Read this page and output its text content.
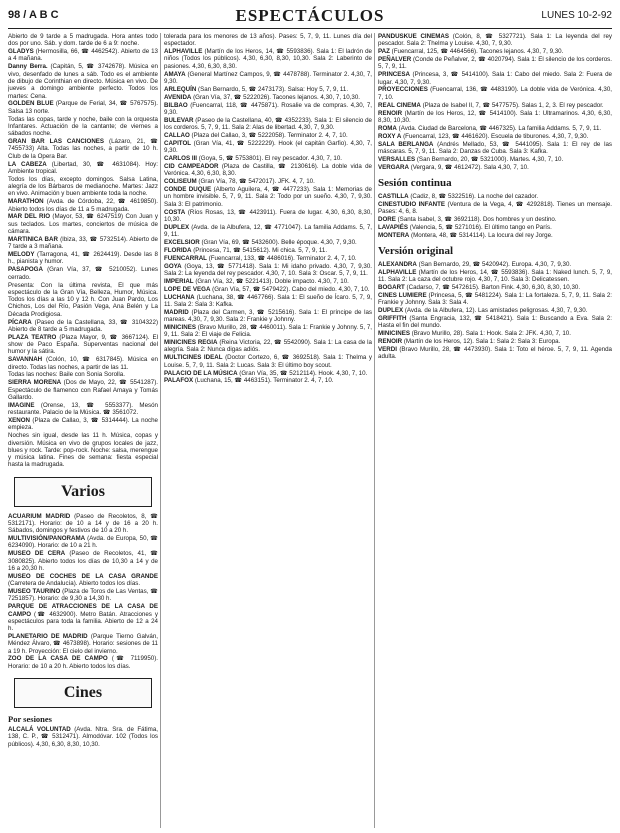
98 / A B C	ESPECTÁCULOS	LUNES 10-2-92
Abierto de 9 tarde a 5 madrugada. Hora antes todo dos por uno. Sáb. y dom. tarde de 6 a 9: noche.
GLADYS (Hermosilla, 66, ☎ 4462542). Abierto de 13 a 4 mañana.
Danny Berra. (Capitán, 5, ☎ 3742678). Música en vivo, desenfado de lunes a sáb. Todo es el ambiente de dibujo de Corinthian en directo. Música en vivo. De jueves a domingo ambiente perfecto. Todos los martes: Cena.
GOLDEN BLUE (Parque de Ferial, 34, ☎ 5767575). Salsa 13 norte.
Todas las copas, tarde y noche, baile con la orquesta Infantares. Actuación de la cantante; de viernes a sábados noche.
GRAN BAR LAS CANCIONES (Lázaro, 21, ☎ 7455733) Alta. Todas las noches, a partir de 10 h. Club de la Opera Bar.
LA CABEZA (Libertad, 30, ☎ 4631084). Hoy: Ambiente tropical.
Todos los días, excepto domingos. Salsa Latina, alegría de los Bárbaros de medianoche. Martes: Jazz en vivo. Animación y buen ambiente toda la noche.
MARATHON (Avda. de Córdoba, 22, ☎ 4619850). Abierto todos los días de 11 a 5 madrugada.
MAR DEL RIO (Mayor, 53, ☎ 6247519) Con Juan y sus teclados. Los martes, conciertos de música de cámara.
MARTINICA BAR (Ibiza, 33, ☎ 5732514). Abierto de 7 tarde a 3 mañana.
MELODY (Tarragona, 41, ☎ 2624419). Desde las 8 h., pianista y humor.
PASAPOGA (Gran Vía, 37, ☎ 5210052). Lunes cerrado.
Presenta: Con la última revista, El que más espectáculo de la Gran Vía, Belleza, Humor, Música. Todos los días a las 10 y 12 h. Con Juan Pardo, Los Chichos, Los del Río, Pasión Vega, Ana Belén y La Década Prodigiosa.
PÍCARA (Paseo de la Castellana, 33, ☎ 3104322) Abierto de 8 tarde a 5 madrugada.
PLAZA TEATRO (Plaza Mayor, 9, ☎ 3667124). El show de Paco España. Superventas nacional del humor y la sátira.
SAVANNAH (Colón, 10, ☎ 6317845). Música en directo. Todas las noches, a partir de las 11.
Todas las noches: Baile con Sonia Sorolla.
SIERRA MORENA (Dos de Mayo, 22, ☎ 5541287). Espectáculo de flamenco con Rafael Amaya y Tomás Gallardo.
IMAGINE (Orense, 13, ☎ 5553377). Mesón restaurante. Palacio de la Música. ☎ 3561072.
XENON (Plaza de Callao, 3, ☎ 5314444). La noche empieza.
Noches sin igual, desde las 11 h. Música, copas y diversión. Música en vivo de grupos locales de jazz, blues y rock. Tarde: pop-rock. Noche: salsa, merengue y música latina. Fines de semana: fiesta especial hasta la madrugada.
Varios
ACUARIUM MADRID (Paseo de Recoletos, 8, ☎ 5312171). Horario: de 10 a 14 y de 16 a 20 h. Sábados, domingos y festivos de 10 a 20 h.
MULTIVISIÓN/PANORAMA (Avda. de Europa, 50, ☎ 6234090). Horario: de 10 a 21 h.
MUSEO DE CERA (Paseo de Recoletos, 41, ☎ 3080825). Abierto todos los días de 10,30 a 14 y de 16 a 20,30 h.
MUSEO DE COCHES DE LA CASA GRANDE (Carretera de Andalucía). Abierto todos los días.
MUSEO TAURINO (Plaza de Toros de Las Ventas, ☎ 7251857). Horario: de 9,30 a 14,30 h.
PARQUE DE ATRACCIONES DE LA CASA DE CAMPO (☎ 4632900). Metro Batán. Atracciones y espectáculos para toda la familia. Abierto de 12 a 24 h.
PLANETARIO DE MADRID (Parque Tierno Galván, Méndez Álvaro, ☎ 4673898). Horario: sesiones de 11 a 19 h. Proyección: El cielo del invierno.
ZOO DE LA CASA DE CAMPO (☎ 7119950). Horario: de 10 a 20 h. Abierto todos los días.
Cines
Por sesiones
ALCALÁ VOLUNTAD (Avda. Ntra. Sra. de Fátima, 138, C. P., ☎ 5312471). Almodóvar. 102 (Todos los públicos). 4,30, 6,30, 8,30, 10,30.
tolerada para los menores de 13 años). Pases: 5, 7, 9, 11. Lunes día del espectador.
ALPHAVILLE (Martín de los Heros, 14, ☎ 5593836). Sala 1: El ladrón de niños (Todos los públicos). 4,30, 6,30, 8,30, 10,30. Sala 2: Laberinto de pasiones. 4,30, 6,30, 8,30.
AMAYA (General Martínez Campos, 9, ☎ 4478788). Terminator 2. 4,30, 7, 9,30.
ARLEQUÍN (San Bernardo, 5, ☎ 2473173). Salsa: Hoy 5, 7, 9, 11.
AVENIDA (Gran Vía, 37, ☎ 5222026). Tacones lejanos. 4,30, 7, 10,30.
BILBAO (Fuencarral, 118, ☎ 4475871). Rosalie va de compras. 4,30, 7, 9,30.
BULEVAR (Paseo de la Castellana, 40, ☎ 4352233). Sala 1: El silencio de los corderos. 5, 7, 9, 11. Sala 2: Alas de libertad. 4,30, 7, 9,30.
CALLAO (Plaza del Callao, 3, ☎ 5222058). Terminator 2. 4, 7, 10.
CAPITOL (Gran Vía, 41, ☎ 5222229). Hook (el capitán Garfio). 4,30, 7, 9,30.
CARLOS III (Goya, 5, ☎ 5753801). El rey pescador. 4,30, 7, 10.
CID CAMPEADOR (Plaza de Castilla, ☎ 2130616). La doble vida de Verónica. 4,30, 6,30, 8,30.
COLISEUM (Gran Vía, 78, ☎ 5472017). JFK. 4, 7, 10.
CONDE DUQUE (Alberto Aguilera, 4, ☎ 4477233). Sala 1: Memorias de un hombre invisible. 5, 7, 9, 11. Sala 2: Todo por un sueño. 4,30, 7, 9,30. Sala 3: El patrimonio.
COSTA (Ríos Rosas, 13, ☎ 4423911). Fuera de lugar. 4,30, 6,30, 8,30, 10,30.
DUPLEX (Avda. de la Albufera, 12, ☎ 4771047). La familia Addams. 5, 7, 9, 11.
EXCELSIOR (Gran Vía, 69, ☎ 5432600). Belle époque. 4,30, 7, 9,30.
FLORIDA (Princesa, 71, ☎ 5415612). Mi chica. 5, 7, 9, 11.
FUENCARRAL (Fuencarral, 133, ☎ 4486016). Terminator 2. 4, 7, 10.
GOYA (Goya, 13, ☎ 5771418). Sala 1: Mi idaho privado. 4,30, 7, 9,30. Sala 2: La leyenda del rey pescador. 4,30, 7, 10. Sala 3: Oscar. 5, 7, 9, 11.
IMPERIAL (Gran Vía, 32, ☎ 5221413). Doble impacto. 4,30, 7, 10.
LOPE DE VEGA (Gran Vía, 57, ☎ 5479422). Cabo del miedo. 4,30, 7, 10.
LUCHANA (Luchana, 38, ☎ 4467766). Sala 1: El sueño de Ícaro. 5, 7, 9, 11. Sala 2: Sala 3: Kafka.
MADRID (Plaza del Carmen, 3, ☎ 5215616). Sala 1: El príncipe de las mareas. 4,30, 7, 9,30. Sala 2: Frankie y Johnny.
MINICINES (Bravo Murillo, 28, ☎ 4460011). Sala 1: Frankie y Johnny. 5, 7, 9, 11. Sala 2: El viaje de Felicia.
MINICINES REGIA (Reina Victoria, 22, ☎ 5542090). Sala 1: La casa de la alegría. Sala 2: Nunca digas adiós.
MULTICINES IDEAL (Doctor Cortezo, 6, ☎ 3692518). Sala 1: Thelma y Louise. 5, 7, 9, 11. Sala 2: Lucas. Sala 3: El último boy scout.
PALACIO DE LA MÚSICA (Gran Vía, 35, ☎ 5212114). Hook. 4,30, 7, 10.
PALAFOX (Luchana, 15, ☎ 4463151). Terminator 2. 4, 7, 10.
PANDUSKUE CINEMAS (Colón, 8, ☎ 5327721). Sala 1: La leyenda del rey pescador. Sala 2: Thelma y Louise. 4,30, 7, 9,30.
PAZ (Fuencarral, 125, ☎ 4464566). Tacones lejanos. 4,30, 7, 9,30.
PEÑALVER (Conde de Peñalver, 2, ☎ 4020794). Sala 1: El silencio de los corderos. 5, 7, 9, 11.
PRINCESA (Princesa, 3, ☎ 5414100). Sala 1: Cabo del miedo. Sala 2: Fuera de lugar. 4,30, 7, 9,30.
PROYECCIONES (Fuencarral, 136, ☎ 4483190). La doble vida de Verónica. 4,30, 7, 10.
REAL CINEMA (Plaza de Isabel II, 7, ☎ 5477575). Salas 1, 2, 3. El rey pescador.
RENOIR (Martín de los Heros, 12, ☎ 5414100). Sala 1: Ultramarinos. 4,30, 6,30, 8,30, 10,30.
ROMA (Avda. Ciudad de Barcelona, ☎ 4467325). La familia Addams. 5, 7, 9, 11.
ROXY A (Fuencarral, 123, ☎ 4461620). Escuela de tiburones. 4,30, 7, 9,30.
SALA BERLANGA (Andrés Mellado, 53, ☎ 5441095). Sala 1: El rey de las máscaras. 5, 7, 9, 11. Sala 2: Danzas de Cuba. Sala 3: Kafka.
VERSALLES (San Bernardo, 20, ☎ 5321000). Martes. 4,30, 7, 10.
VERGARA (Vergara, 9, ☎ 4612472). Sala 4,30, 7, 10.
Sesión continua
CASTILLA (Cadiz, 8, ☎ 5322516). La noche del cazador.
CINESTUDIO INFANTE (Ventura de la Vega, 4, ☎ 4292818). Tienes un mensaje. Pases: 4, 6, 8.
DORE (Santa Isabel, 3, ☎ 3692118). Dos hombres y un destino.
LAVAPIÉS (Valencia, 5, ☎ 5271016). El último tango en París.
MONTERA (Montera, 48, ☎ 5314114). La locura del rey Jorge.
Versión original
ALEXANDRA (San Bernardo, 29, ☎ 5420942). Europa. 4,30, 7, 9,30.
ALPHAVILLE (Martín de los Heros, 14, ☎ 5593836). Sala 1: Naked lunch. 5, 7, 9, 11. Sala 2: La caza del octubre rojo. 4,30, 7, 10. Sala 3: Delicatessen.
BOGART (Cadarso, 7, ☎ 5472615). Barton Fink. 4,30, 6,30, 8,30, 10,30.
CINES LUMIERE (Princesa, 5, ☎ 5481224). Sala 1: La fortaleza. 5, 7, 9, 11. Sala 2: Frankie y Johnny. Sala 3: Sala 4.
DUPLEX (Avda. de la Albufera, 12). Las amistades peligrosas. 4,30, 7, 9,30.
GRIFFITH (Santa Engracia, 132, ☎ 5418421). Sala 1: Buscando a Eva. Sala 2: Hasta el fin del mundo.
MINICINES (Bravo Murillo, 28). Sala 1: Hook. Sala 2: JFK. 4,30, 7, 10.
RENOIR (Martín de los Heros, 12). Sala 1: Sala 2: Sala 3: Europa.
VERDI (Bravo Murillo, 28, ☎ 4473930). Sala 1: Toto el héroe. 5, 7, 9, 11. Agenda adulta.
